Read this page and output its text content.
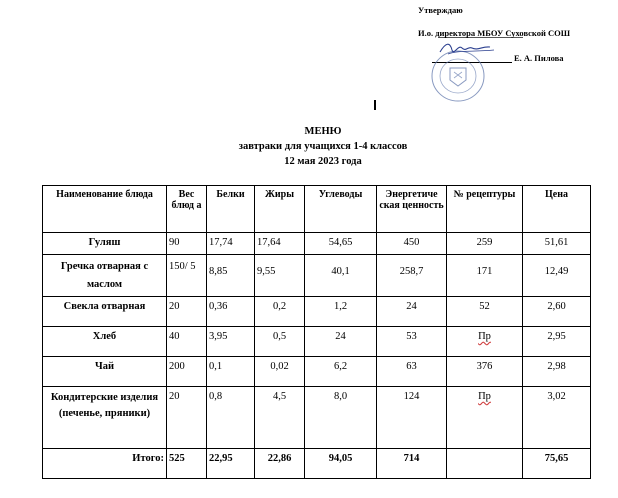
Утверждаю
И.о. директора МБОУ Суховской СОШ
Е. А. Пилова
МЕНЮ
завтраки для учащихся 1-4 классов
12 мая 2023 года
Наименование блюда	Вес блюд а	Белки	Жиры	Углеводы	Энергетиче ская ценность	№ рецептуры	Цена
Гуляш	90	17,74	17,64	54,65	450	259	51,61
Гречка отварная с маслом	150/ 5	8,85	9,55	40,1	258,7	171	12,49
Свекла отварная	20	0,36	0,2	1,2	24	52	2,60
Хлеб	40	3,95	0,5	24	53	Пр	2,95
Чай	200	0,1	0,02	6,2	63	376	2,98
Кондитерские изделия (печенье, пряники)	20	0,8	4,5	8,0	124	Пр	3,02
Итого:	525	22,95	22,86	94,05	714		75,65
